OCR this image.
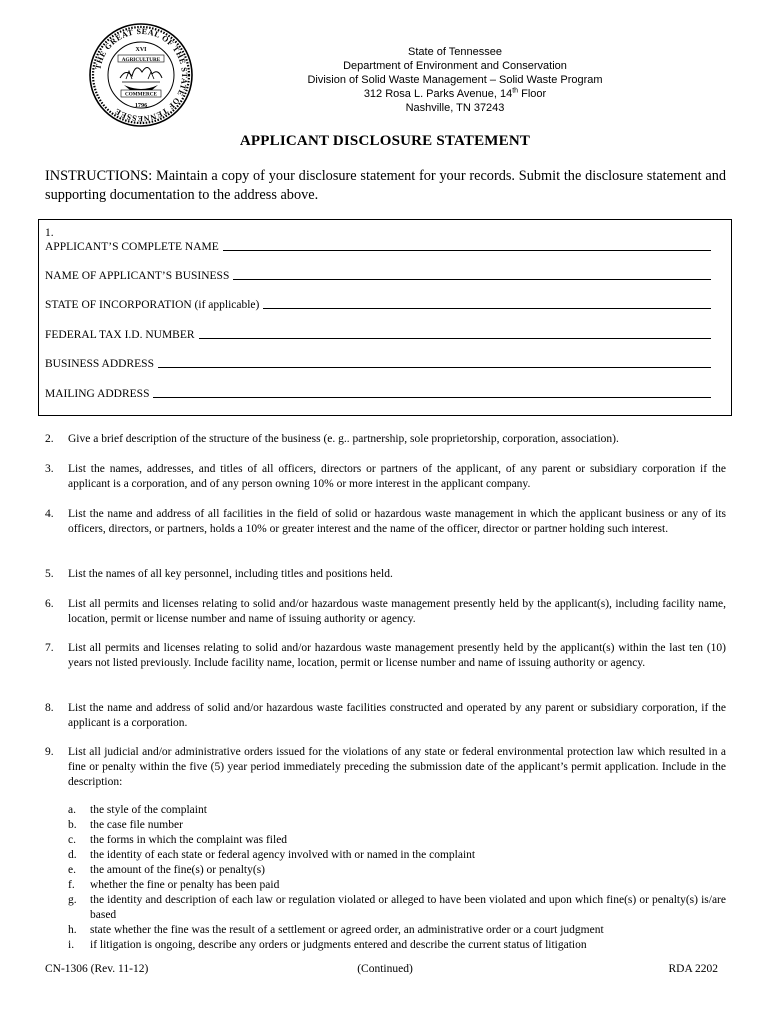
THE GREAT SEAL OF THE STATE OF TENNESSEE
XVI
AGRICULTURE
COMMERCE
1796
State of Tennessee
Department of Environment and Conservation
Division of Solid Waste Management – Solid Waste Program
312 Rosa L. Parks Avenue, 14th Floor
Nashville, TN 37243
APPLICANT DISCLOSURE STATEMENT
INSTRUCTIONS: Maintain a copy of your disclosure statement for your records. Submit the disclosure statement and supporting documentation to the address above.
1.
APPLICANT’S COMPLETE NAME
NAME OF APPLICANT’S BUSINESS
STATE OF INCORPORATION (if applicable)
FEDERAL TAX I.D. NUMBER
BUSINESS ADDRESS
MAILING ADDRESS
2.	Give a brief description of the structure of the business (e. g.. partnership, sole proprietorship, corporation, association).
3.	List the names, addresses, and titles of all officers, directors or partners of the applicant, of any parent or subsidiary corporation if the applicant is a corporation, and of any person owning 10% or more interest in the applicant company.
4.	List the name and address of all facilities in the field of solid or hazardous waste management in which the applicant business or any of its officers, directors, or partners, holds a 10% or greater interest and the name of the officer, director or partner holding such interest.
5.	List the names of all key personnel, including titles and positions held.
6.	List all permits and licenses relating to solid and/or hazardous waste management presently held by the applicant(s), including facility name, location, permit or license number and name of issuing authority or agency.
7.	List all permits and licenses relating to solid and/or hazardous waste management presently held by the applicant(s) within the last ten (10) years not listed previously. Include facility name, location, permit or license number and name of issuing authority or agency.
8.	List the name and address of solid and/or hazardous waste facilities constructed and operated by any parent or subsidiary corporation, if the applicant is a corporation.
9.	List all judicial and/or administrative orders issued for the violations of any state or federal environmental protection law which resulted in a fine or penalty within the five (5) year period immediately preceding the submission date of the applicant’s permit application. Include in the description:
a.	the style of the complaint
b.	the case file number
c.	the forms in which the complaint was filed
d.	the identity of each state or federal agency involved with or named in the complaint
e.	the amount of the fine(s) or penalty(s)
f.	whether the fine or penalty has been paid
g.	the identity and description of each law or regulation violated or alleged to have been violated and upon which fine(s) or penalty(s) is/are based
h.	state whether the fine was the result of a settlement or agreed order, an administrative order or a court judgment
i.	if litigation is ongoing, describe any orders or judgments entered and describe the current status of litigation
CN-1306 (Rev. 11-12)	(Continued)	RDA 2202
